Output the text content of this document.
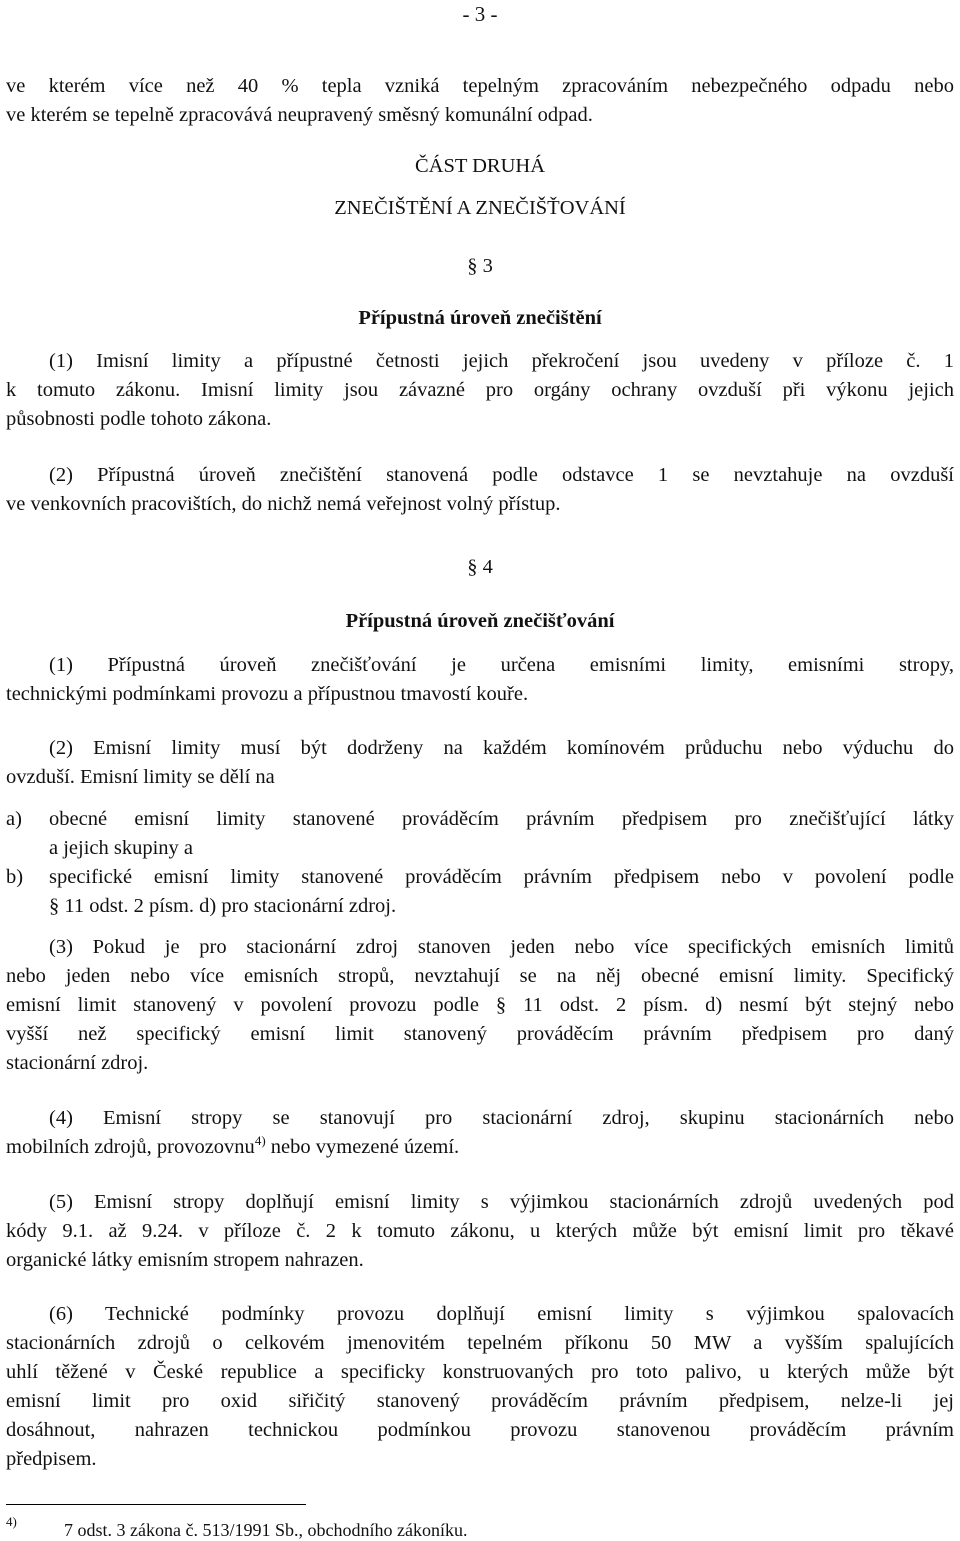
- 3 -
ve kterém více než 40 % tepla vzniká tepelným zpracováním nebezpečného odpadu nebo
ve kterém se tepelně zpracovává neupravený směsný komunální odpad.
ČÁST DRUHÁ
ZNEČIŠTĚNÍ A ZNEČIŠŤOVÁNÍ
§ 3
Přípustná úroveň znečištění
(1) Imisní limity a přípustné četnosti jejich překročení jsou uvedeny v příloze č. 1
k tomuto zákonu. Imisní limity jsou závazné pro orgány ochrany ovzduší při výkonu jejich
působnosti podle tohoto zákona.
(2) Přípustná úroveň znečištění stanovená podle odstavce 1 se nevztahuje na ovzduší
ve venkovních pracovištích, do nichž nemá veřejnost volný přístup.
§ 4
Přípustná úroveň znečišťování
(1) Přípustná úroveň znečišťování je určena emisními limity, emisními stropy,
technickými podmínkami provozu a přípustnou tmavostí kouře.
(2) Emisní limity musí být dodrženy na každém komínovém průduchu nebo výduchu do
ovzduší. Emisní limity se dělí na
a) obecné emisní limity stanovené prováděcím právním předpisem pro znečišťující látky
a jejich skupiny a
b) specifické emisní limity stanovené prováděcím právním předpisem nebo v povolení podle
§ 11 odst. 2 písm. d) pro stacionární zdroj.
(3) Pokud je pro stacionární zdroj stanoven jeden nebo více specifických emisních limitů
nebo jeden nebo více emisních stropů, nevztahují se na něj obecné emisní limity. Specifický
emisní limit stanovený v povolení provozu podle § 11 odst. 2 písm. d) nesmí být stejný nebo
vyšší než specifický emisní limit stanovený prováděcím právním předpisem pro daný
stacionární zdroj.
(4) Emisní stropy se stanovují pro stacionární zdroj, skupinu stacionárních nebo
mobilních zdrojů, provozovnu$^{4)}$ nebo vymezené území.
(5) Emisní stropy doplňují emisní limity s výjimkou stacionárních zdrojů uvedených pod
kódy 9.1. až 9.24. v příloze č. 2 k tomuto zákonu, u kterých může být emisní limit pro těkavé
organické látky emisním stropem nahrazen.
(6) Technické podmínky provozu doplňují emisní limity s výjimkou spalovacích
stacionárních zdrojů o celkovém jmenovitém tepelném příkonu 50 MW a vyšším spalujících
uhlí těžené v České republice a specificky konstruovaných pro toto palivo, u kterých může být
emisní limit pro oxid siřičitý stanovený prováděcím právním předpisem, nelze-li jej
dosáhnout, nahrazen technickou podmínkou provozu stanovenou prováděcím právním
předpisem.
4)	7 odst. 3 zákona č. 513/1991 Sb., obchodního zákoníku.
